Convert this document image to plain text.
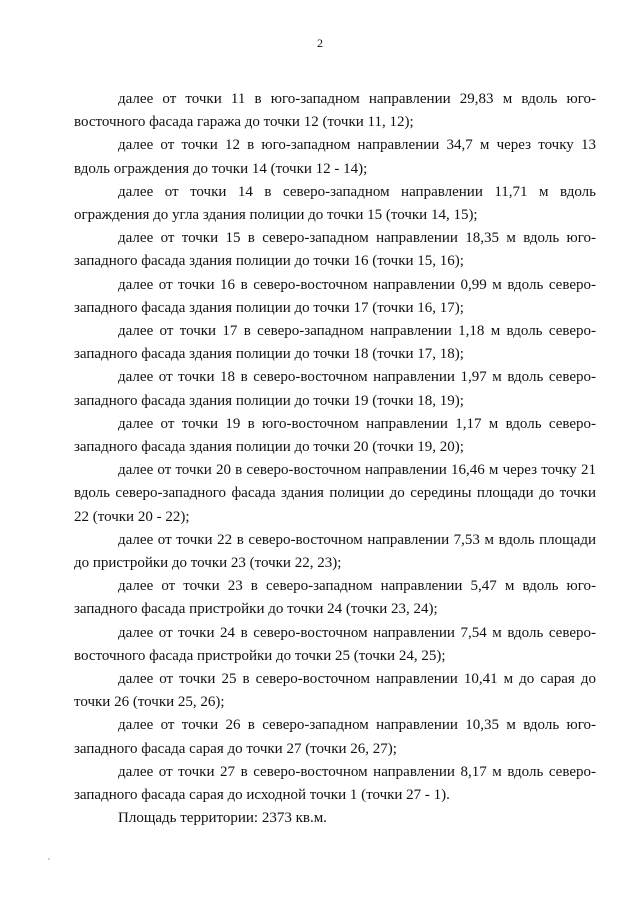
2

далее от точки 11 в юго-западном направлении 29,83 м вдоль юго-восточного фасада гаража до точки 12 (точки 11, 12);

далее от точки 12 в юго-западном направлении 34,7 м через точку 13 вдоль ограждения до точки 14 (точки 12 - 14);

далее от точки 14 в северо-западном направлении 11,71 м вдоль ограждения до угла здания полиции до точки 15 (точки 14, 15);

далее от точки 15 в северо-западном направлении 18,35 м вдоль юго-западного фасада здания полиции до точки 16 (точки 15, 16);

далее от точки 16 в северо-восточном направлении 0,99 м вдоль северо-западного фасада здания полиции до точки 17 (точки 16, 17);

далее от точки 17 в северо-западном направлении 1,18 м вдоль северо-западного фасада здания полиции до точки 18 (точки 17, 18);

далее от точки 18 в северо-восточном направлении 1,97 м вдоль северо-западного фасада здания полиции до точки 19 (точки 18, 19);

далее от точки 19 в юго-восточном направлении 1,17 м вдоль северо-западного фасада здания полиции до точки 20 (точки 19, 20);

далее от точки 20 в северо-восточном направлении 16,46 м через точку 21 вдоль северо-западного фасада здания полиции до середины площади до точки 22 (точки 20 - 22);

далее от точки 22 в северо-восточном направлении 7,53 м вдоль площади до пристройки до точки 23 (точки 22, 23);

далее от точки 23 в северо-западном направлении 5,47 м вдоль юго-западного фасада пристройки до точки 24 (точки 23, 24);

далее от точки 24 в северо-восточном направлении 7,54 м вдоль северо-восточного фасада пристройки до точки 25 (точки 24, 25);

далее от точки 25 в северо-восточном направлении 10,41 м до сарая до точки 26 (точки 25, 26);

далее от точки 26 в северо-западном направлении 10,35 м вдоль юго-западного фасада сарая до точки 27 (точки 26, 27);

далее от точки 27 в северо-восточном направлении 8,17 м вдоль северо-западного фасада сарая до исходной точки 1 (точки 27 - 1).

Площадь территории: 2373 кв.м.
